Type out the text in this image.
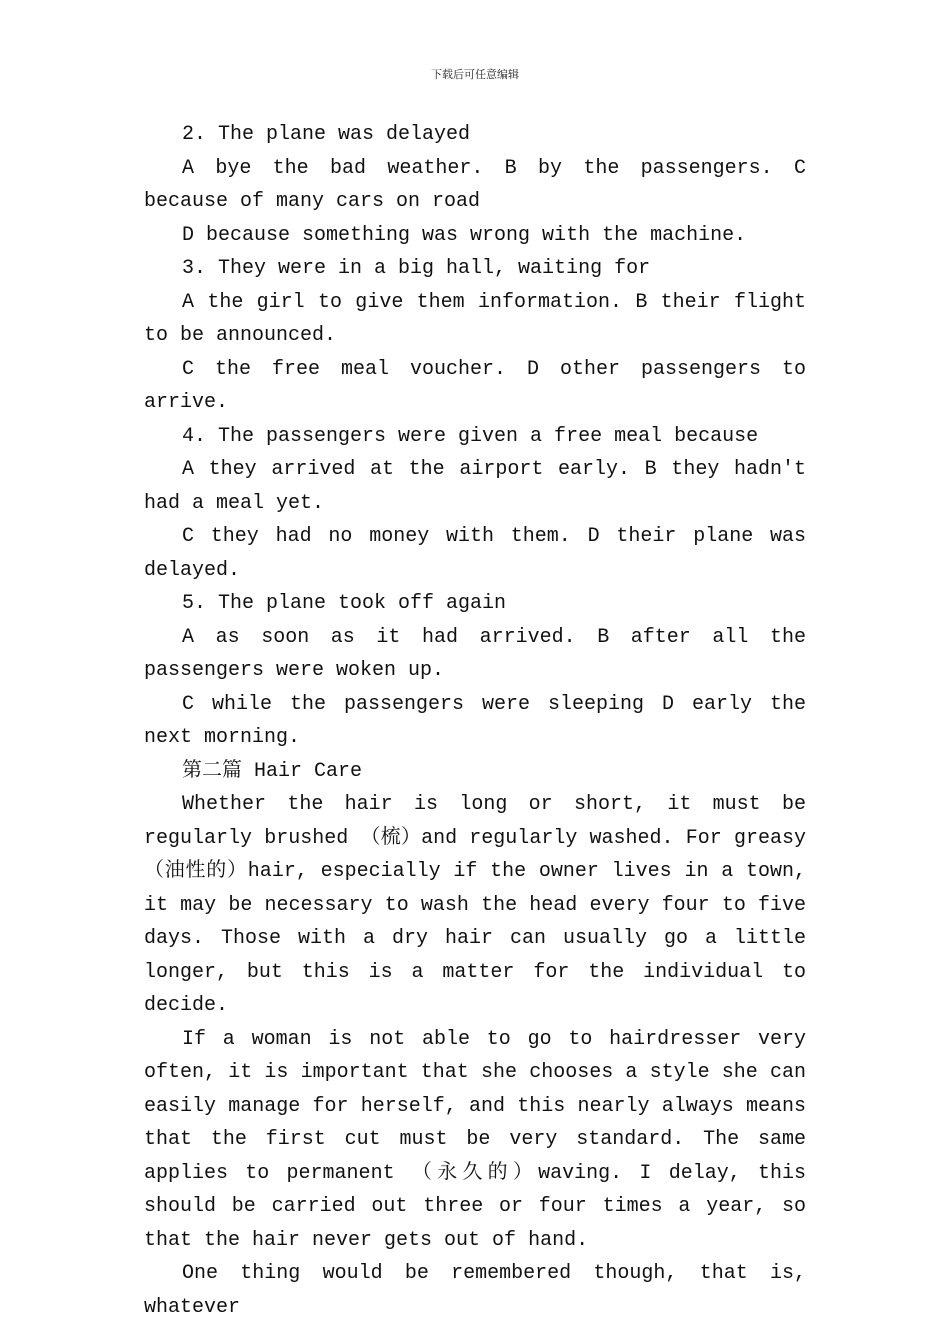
下载后可任意编辑

2. The plane was delayed

A bye the bad weather. B by the passengers. C because of many cars on road

D because something was wrong with the machine.

3. They were in a big hall, waiting for

A the girl to give them information. B their flight to be announced.

C the free meal voucher. D other passengers to arrive.

4. The passengers were given a free meal because

A they arrived at the airport early. B they hadn't had a meal yet.

C they had no money with them. D their plane was delayed.

5. The plane took off again

A as soon as it had arrived. B after all the passengers were woken up.

C while the passengers were sleeping D early the next morning.

第二篇 Hair Care

Whether the hair is long or short, it must be regularly brushed （梳）and regularly washed. For greasy （油性的）hair, especially if the owner lives in a town, it may be necessary to wash the head every four to five days. Those with a dry hair can usually go a little longer, but this is a matter for the individual to decide.

If a woman is not able to go to hairdresser very often, it is important that she chooses a style she can easily manage for herself, and this nearly always means that the first cut must be very standard. The same applies to permanent （永久的）waving. I delay, this should be carried out three or four times a year, so that the hair never gets out of hand.

One thing would be remembered though, that is, whatever
